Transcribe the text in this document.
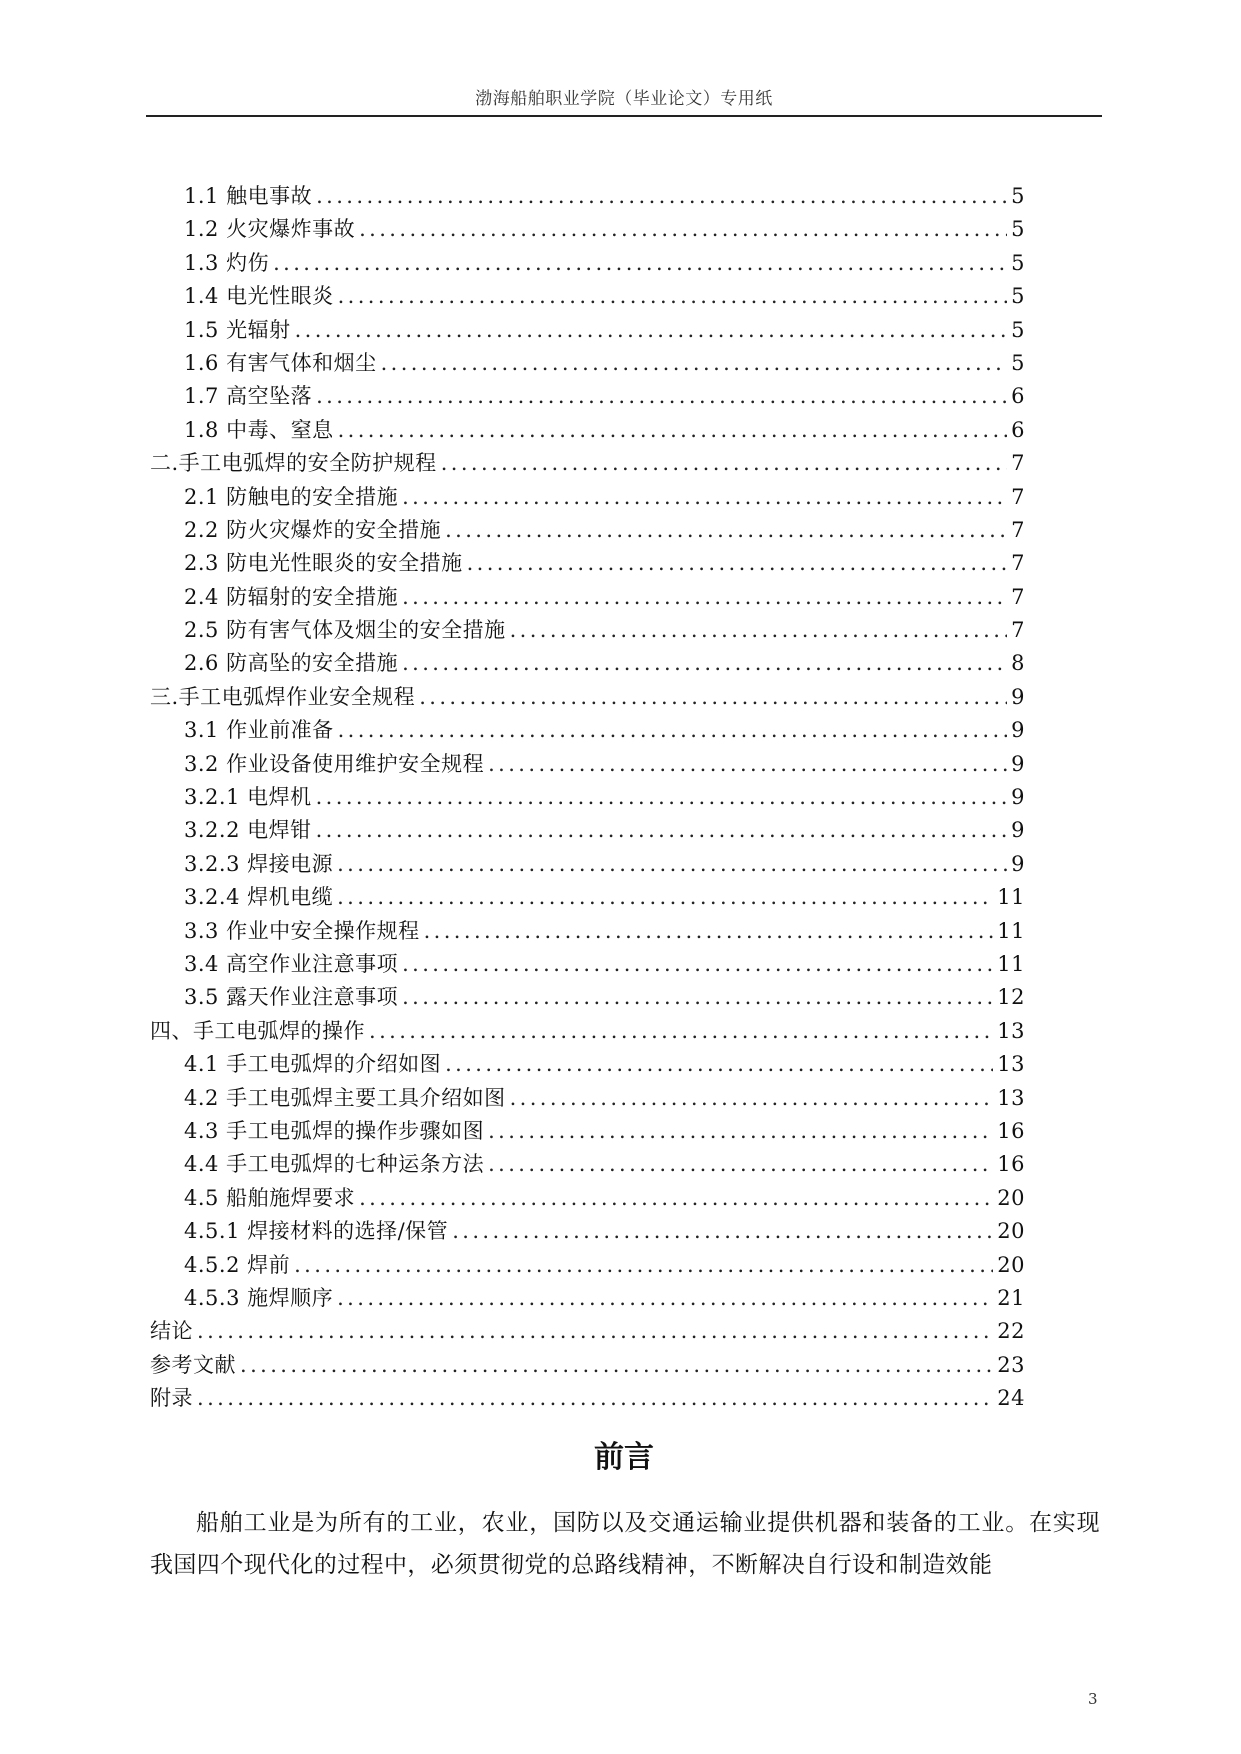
渤海船舶职业学院（毕业论文）专用纸
1.1 触电事故 .....	5
1.2 火灾爆炸事故 .....	5
1.3 灼伤 .....	5
1.4 电光性眼炎 .....	5
1.5 光辐射 .....	5
1.6 有害气体和烟尘 .....	5
1.7 高空坠落 .....	6
1.8 中毒、窒息 .....	6
二.手工电弧焊的安全防护规程 .....	7
2.1 防触电的安全措施 .....	7
2.2 防火灾爆炸的安全措施 .....	7
2.3 防电光性眼炎的安全措施 .....	7
2.4 防辐射的安全措施 .....	7
2.5 防有害气体及烟尘的安全措施 .....	7
2.6 防高坠的安全措施 .....	8
三.手工电弧焊作业安全规程 .....	9
3.1 作业前准备 .....	9
3.2 作业设备使用维护安全规程 .....	9
3.2.1 电焊机 .....	9
3.2.2 电焊钳 .....	9
3.2.3 焊接电源 .....	9
3.2.4 焊机电缆 .....	11
3.3 作业中安全操作规程 .....	11
3.4 高空作业注意事项 .....	11
3.5 露天作业注意事项 .....	12
四、手工电弧焊的操作 .....	13
4.1 手工电弧焊的介绍如图 .....	13
4.2 手工电弧焊主要工具介绍如图 .....	13
4.3 手工电弧焊的操作步骤如图 .....	16
4.4 手工电弧焊的七种运条方法 .....	16
4.5 船舶施焊要求 .....	20
4.5.1 焊接材料的选择/保管 .....	20
4.5.2 焊前 .....	20
4.5.3 施焊顺序 .....	21
结论 .....	22
参考文献 .....	23
附录 .....	24
前言
船舶工业是为所有的工业，农业，国防以及交通运输业提供机器和装备的工业。在实现我国四个现代化的过程中，必须贯彻党的总路线精神，不断解决自行设和制造效能
3
